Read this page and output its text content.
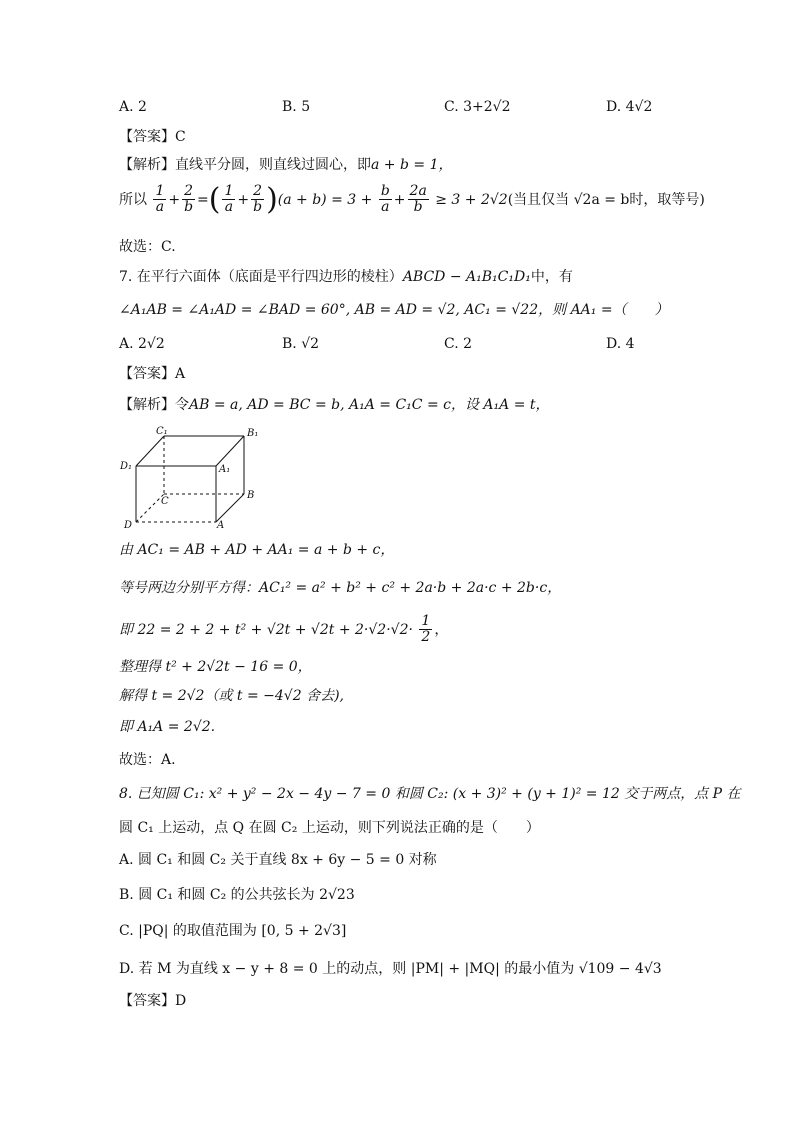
A. 2	B. 5	C. 3+2√2	D. 4√2
【答案】C
【解析】直线平分圆，则直线过圆心，即a + b = 1，
所以 $\frac{1}{a} + \frac{2}{b}$ =( $\frac{1}{a} + \frac{2}{b} )(a + b) = 3 + \frac{b}{a} + \frac{2a}{b} \ge 3 + 2√2$(当且仅当 √2a = b时，取等号)
故选：C.
7. 在平行六面体（底面是平行四边形的棱柱）ABCD − A₁B₁C₁D₁中，有
∠A₁AB = ∠A₁AD = ∠BAD = 60°, AB = AD = √2, AC₁ = √22，则 AA₁ =（　　）
A. 2√2	B. √2	C. 2	D. 4
【答案】A
【解析】令AB = a, AD = BC = b, A₁A = C₁C = c，设 A₁A = t，
C₁	B₁
D₁	A₁
C
B
D	A
由 AC₁ = AB + AD + AA₁ = a + b + c，
等号两边分别平方得：AC₁² = a² + b² + c² + 2a·b + 2a·c + 2b·c，
即 $22 = 2 + 2 + t^2 + √2t + √2t + 2\cdot√2\cdot√2\cdot \frac{1}{2}$ ，
整理得 t² + 2√2t − 16 = 0，
解得 t = 2√2（或 t = −4√2 舍去),
即 A₁A = 2√2.
故选：A.
8. 已知圆 C₁: x² + y² − 2x − 4y − 7 = 0 和圆 C₂: (x + 3)² + (y + 1)² = 12 交于两点，点 P 在
圆 C₁ 上运动，点 Q 在圆 C₂ 上运动，则下列说法正确的是（　　）
A. 圆 C₁ 和圆 C₂ 关于直线 8x + 6y − 5 = 0 对称
B. 圆 C₁ 和圆 C₂ 的公共弦长为 2√23
C. |PQ| 的取值范围为 [0, 5 + 2√3]
D. 若 M 为直线 x − y + 8 = 0 上的动点，则 |PM| + |MQ| 的最小值为 √109 − 4√3
【答案】D
